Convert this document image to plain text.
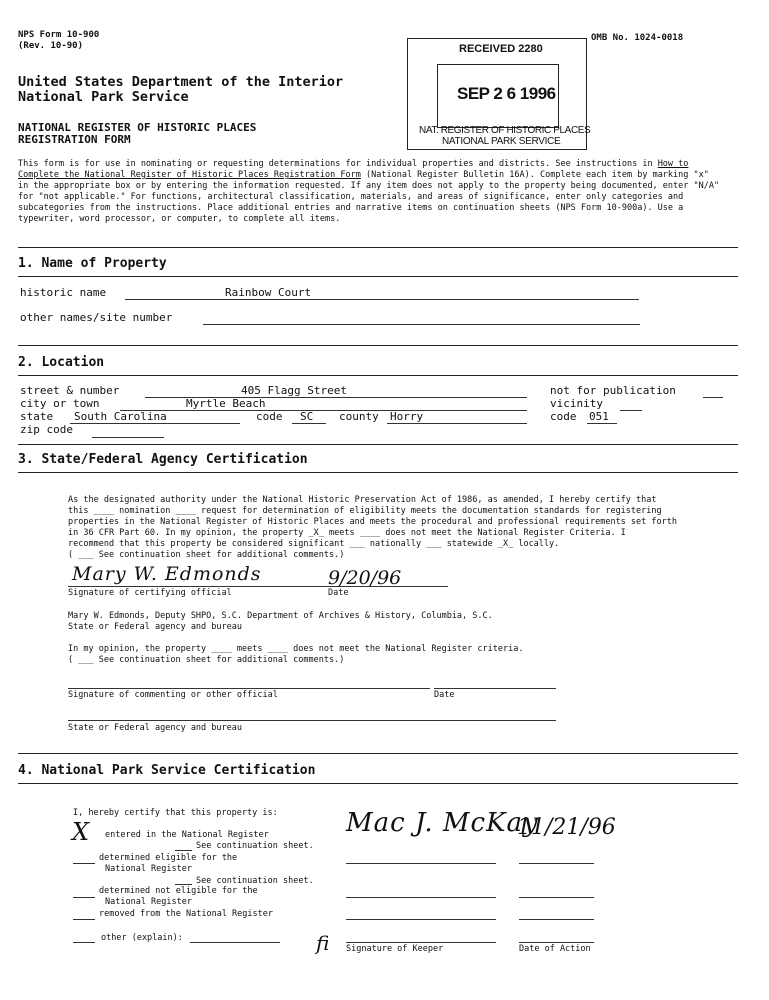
NPS Form 10-900
(Rev. 10-90)
OMB No. 1024-0018
United States Department of the Interior
National Park Service
NATIONAL REGISTER OF HISTORIC PLACES
REGISTRATION FORM
RECEIVED 2280
SEP 2 6 1996
NAT. REGISTER OF HISTORIC PLACES
NATIONAL PARK SERVICE
This form is for use in nominating or requesting determinations for individual properties and districts. See instructions in How to
Complete the National Register of Historic Places Registration Form (National Register Bulletin 16A). Complete each item by marking "x"
in the appropriate box or by entering the information requested. If any item does not apply to the property being documented, enter "N/A"
for "not applicable." For functions, architectural classification, materials, and areas of significance, enter only categories and
subcategories from the instructions. Place additional entries and narrative items on continuation sheets (NPS Form 10-900a). Use a
typewriter, word processor, or computer, to complete all items.
1. Name of Property
historic name	Rainbow Court
other names/site number
2. Location
street & number	405 Flagg Street	not for publication
city or town	Myrtle Beach	vicinity
state South Carolina	code SC county Horry	code 051
zip code
3. State/Federal Agency Certification
As the designated authority under the National Historic Preservation Act of 1986, as amended, I hereby certify that
this ____ nomination ____ request for determination of eligibility meets the documentation standards for registering
properties in the National Register of Historic Places and meets the procedural and professional requirements set forth
in 36 CFR Part 60. In my opinion, the property _X_ meets ____ does not meet the National Register Criteria. I
recommend that this property be considered significant ___ nationally ___ statewide _X_ locally.
( ___ See continuation sheet for additional comments.)
Mary W. Edmonds	9/20/96
Signature of certifying official	Date
Mary W. Edmonds, Deputy SHPO, S.C. Department of Archives & History, Columbia, S.C.
State or Federal agency and bureau
In my opinion, the property ____ meets ____ does not meet the National Register criteria.
( ___ See continuation sheet for additional comments.)
Signature of commenting or other official	Date
State or Federal agency and bureau
4. National Park Service Certification
I, hereby certify that this property is:
X entered in the National Register
See continuation sheet.
determined eligible for the
National Register
See continuation sheet.
determined not eligible for the
National Register
removed from the National Register
other (explain):
Mac J. McKay
11/21/96
fi Signature of Keeper	Date of Action
